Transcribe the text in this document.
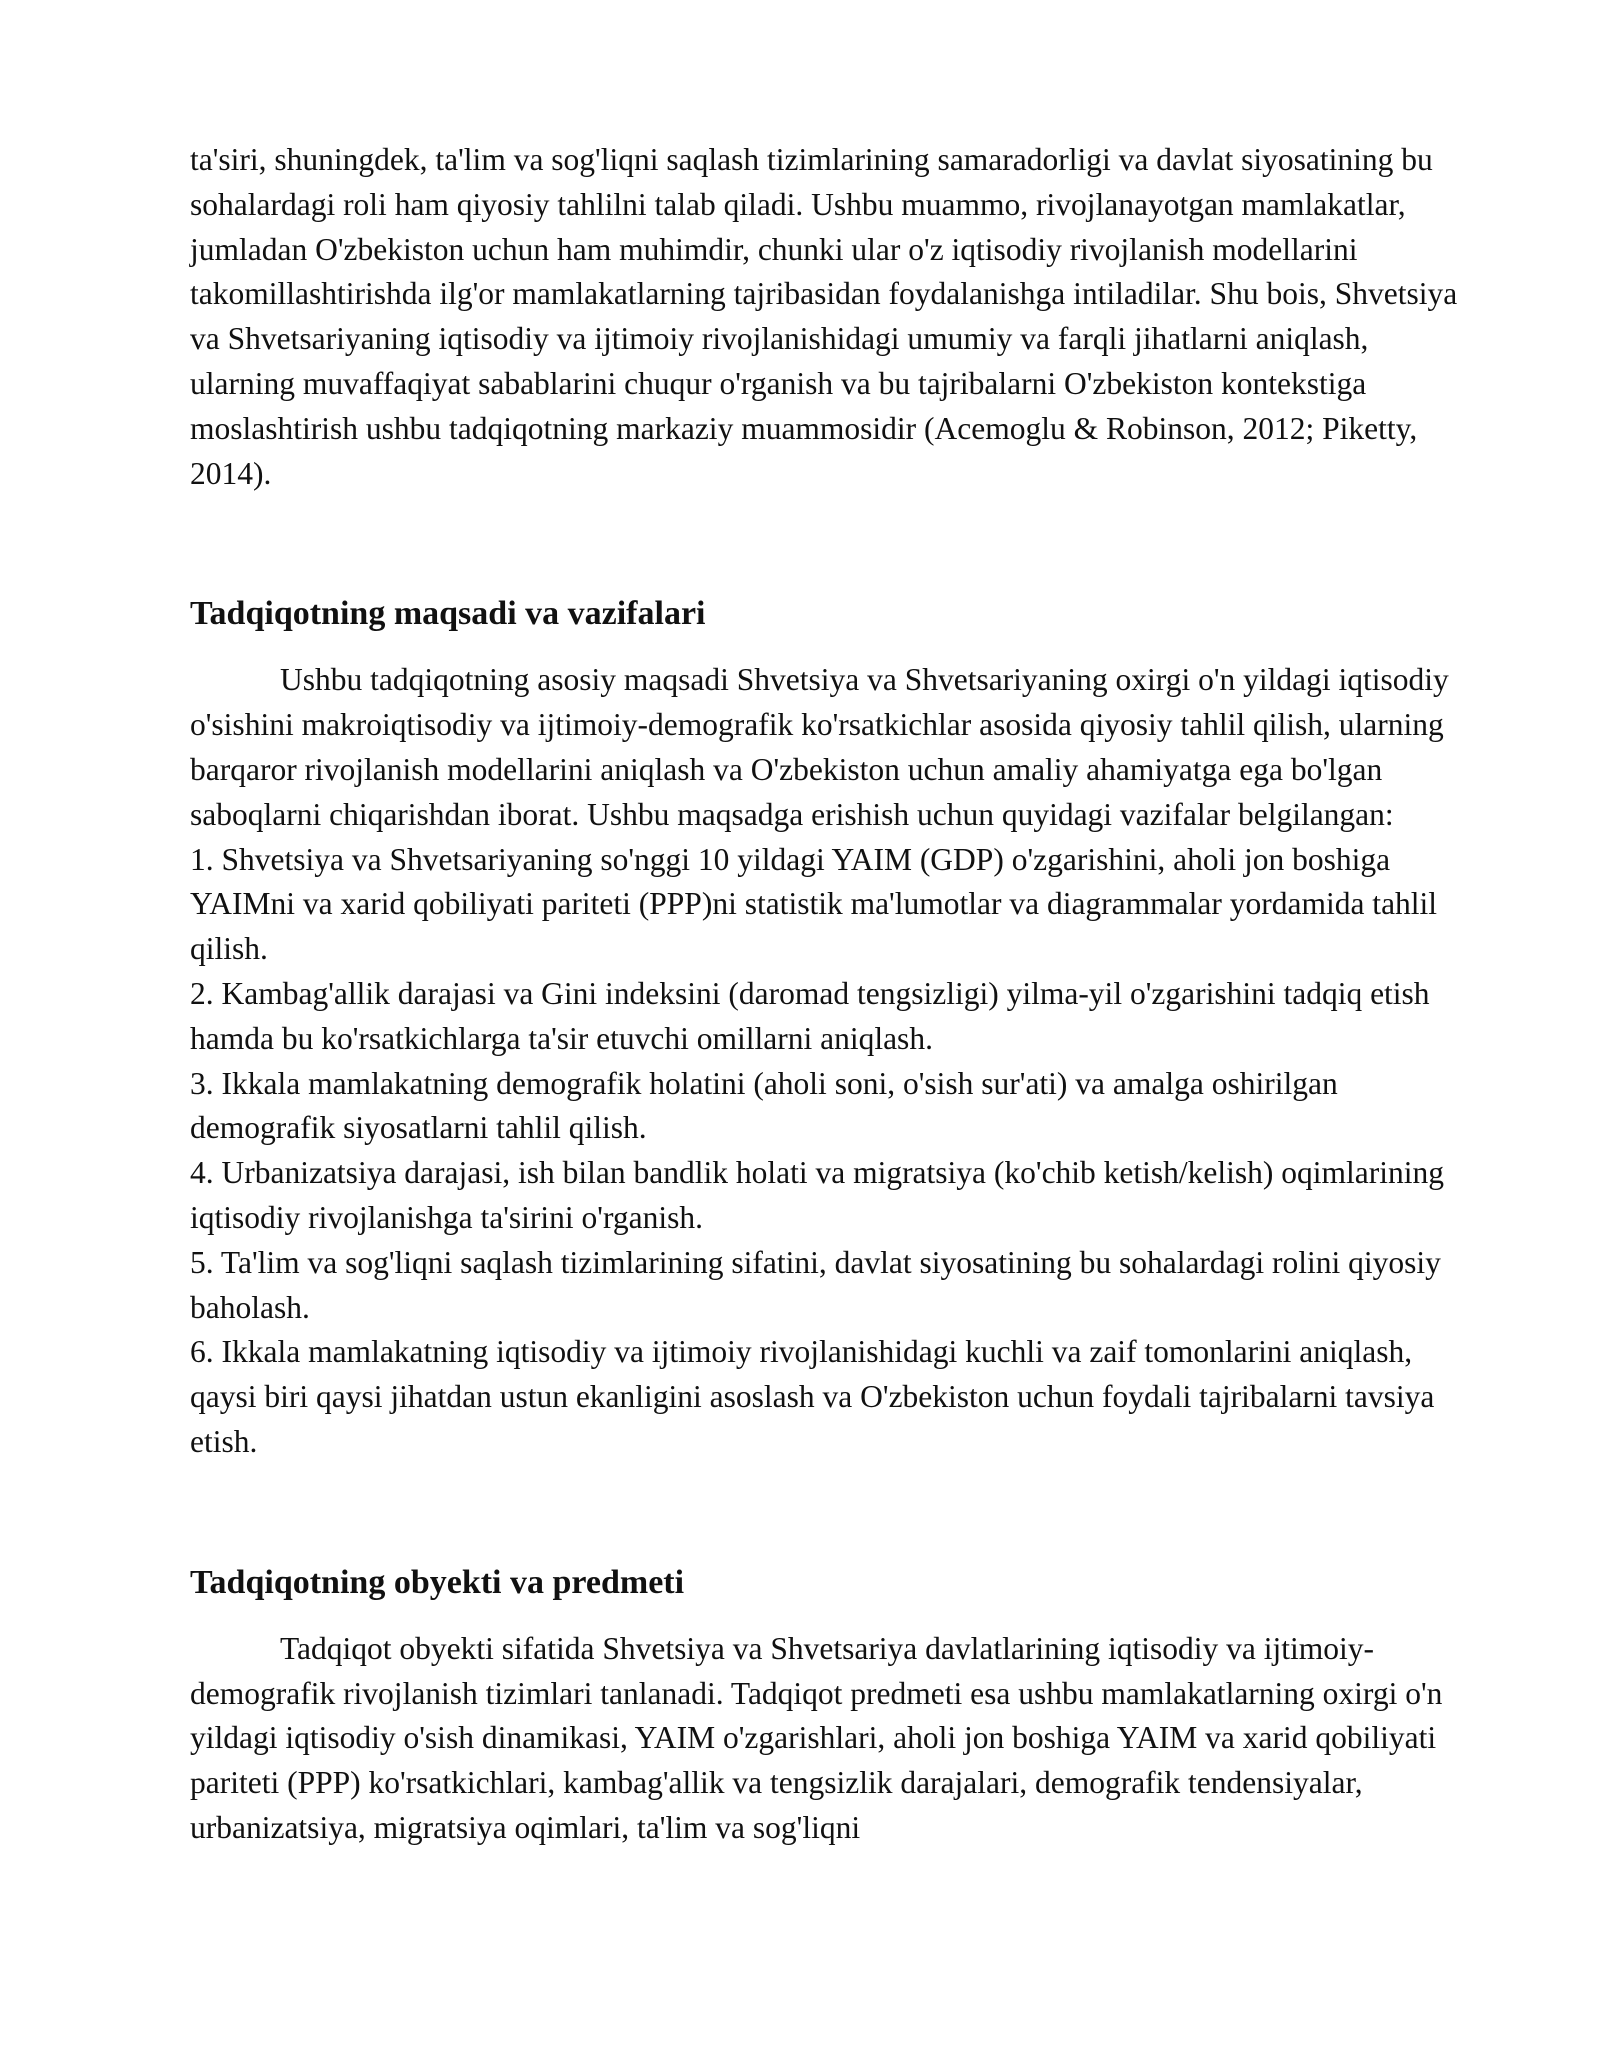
ta'siri, shuningdek, ta'lim va sog'liqni saqlash tizimlarining samaradorligi va davlat siyosatining bu sohalardagi roli ham qiyosiy tahlilni talab qiladi. Ushbu muammo, rivojlanayotgan mamlakatlar, jumladan O'zbekiston uchun ham muhimdir, chunki ular o'z iqtisodiy rivojlanish modellarini takomillashtirishda ilg'or mamlakatlarning tajribasidan foydalanishga intiladilar. Shu bois, Shvetsiya va Shvetsariyaning iqtisodiy va ijtimoiy rivojlanishidagi umumiy va farqli jihatlarni aniqlash, ularning muvaffaqiyat sabablarini chuqur o'rganish va bu tajribalarni O'zbekiston kontekstiga moslashtirish ushbu tadqiqotning markaziy muammosidir (Acemoglu & Robinson, 2012; Piketty, 2014).

Tadqiqotning maqsadi va vazifalari

Ushbu tadqiqotning asosiy maqsadi Shvetsiya va Shvetsariyaning oxirgi o'n yildagi iqtisodiy o'sishini makroiqtisodiy va ijtimoiy-demografik ko'rsatkichlar asosida qiyosiy tahlil qilish, ularning barqaror rivojlanish modellarini aniqlash va O'zbekiston uchun amaliy ahamiyatga ega bo'lgan saboqlarni chiqarishdan iborat. Ushbu maqsadga erishish uchun quyidagi vazifalar belgilangan:

1. Shvetsiya va Shvetsariyaning so'nggi 10 yildagi YAIM (GDP) o'zgarishini, aholi jon boshiga YAIMni va xarid qobiliyati pariteti (PPP)ni statistik ma'lumotlar va diagrammalar yordamida tahlil qilish.

2. Kambag'allik darajasi va Gini indeksini (daromad tengsizligi) yilma-yil o'zgarishini tadqiq etish hamda bu ko'rsatkichlarga ta'sir etuvchi omillarni aniqlash.

3. Ikkala mamlakatning demografik holatini (aholi soni, o'sish sur'ati) va amalga oshirilgan demografik siyosatlarni tahlil qilish.

4. Urbanizatsiya darajasi, ish bilan bandlik holati va migratsiya (ko'chib ketish/kelish) oqimlarining iqtisodiy rivojlanishga ta'sirini o'rganish.

5. Ta'lim va sog'liqni saqlash tizimlarining sifatini, davlat siyosatining bu sohalardagi rolini qiyosiy baholash.

6. Ikkala mamlakatning iqtisodiy va ijtimoiy rivojlanishidagi kuchli va zaif tomonlarini aniqlash, qaysi biri qaysi jihatdan ustun ekanligini asoslash va O'zbekiston uchun foydali tajribalarni tavsiya etish.

Tadqiqotning obyekti va predmeti

Tadqiqot obyekti sifatida Shvetsiya va Shvetsariya davlatlarining iqtisodiy va ijtimoiy-demografik rivojlanish tizimlari tanlanadi. Tadqiqot predmeti esa ushbu mamlakatlarning oxirgi o'n yildagi iqtisodiy o'sish dinamikasi, YAIM o'zgarishlari, aholi jon boshiga YAIM va xarid qobiliyati pariteti (PPP) ko'rsatkichlari, kambag'allik va tengsizlik darajalari, demografik tendensiyalar, urbanizatsiya, migratsiya oqimlari, ta'lim va sog'liqni
